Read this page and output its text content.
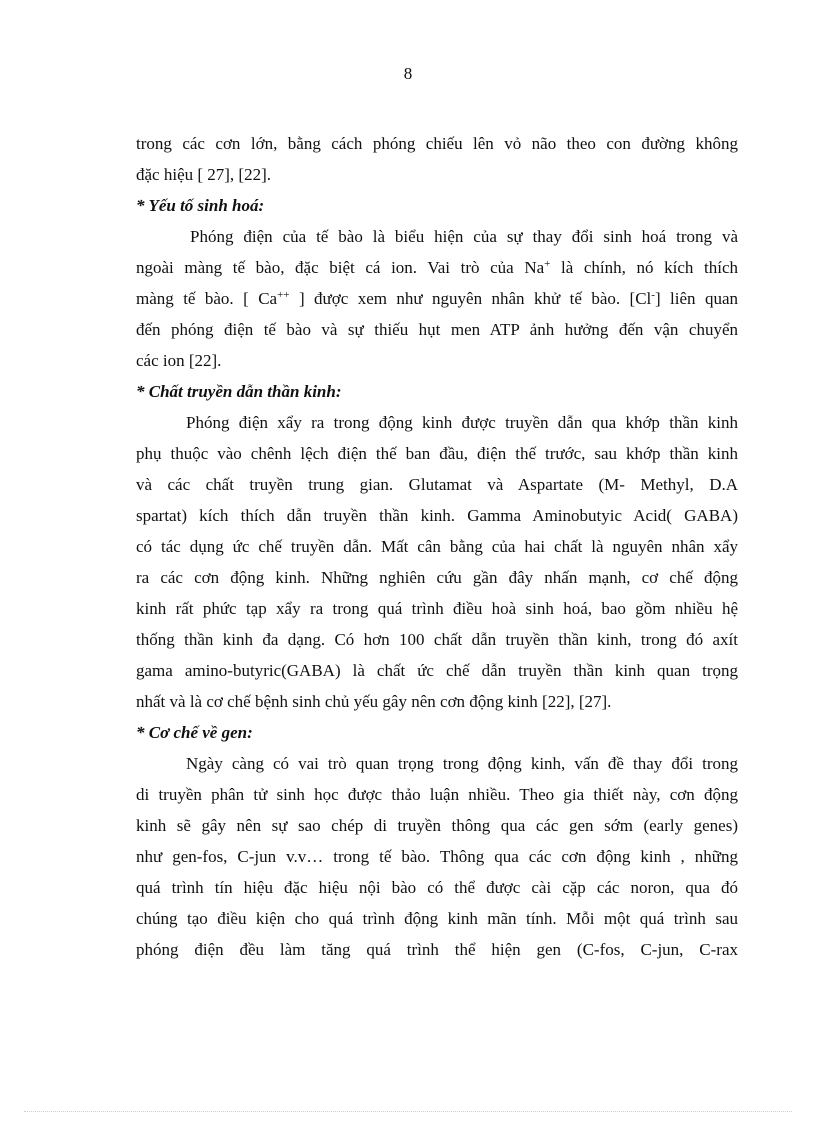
8
trong các cơn lớn, bằng cách phóng chiếu lên vỏ não theo con đường không
đặc hiệu [ 27], [22].
* Yếu tố sinh hoá:
Phóng điện của tế bào là biểu hiện của sự thay đổi sinh hoá trong và
ngoài màng tế bào, đặc biệt cá ion. Vai trò của Na+ là chính, nó kích thích
màng tế bào. [ Ca++ ] được xem như nguyên nhân khử tế bào. [Cl-] liên quan
đến phóng điện tế bào và sự thiếu hụt men ATP ảnh hưởng đến vận chuyển
các ion [22].
* Chất truyền dẫn thần kinh:
Phóng điện xẩy ra trong động kinh được truyền dẫn qua khớp thần kinh
phụ thuộc vào chênh lệch điện thế ban đầu, điện thế trước, sau khớp thần kinh
và các chất truyền trung gian. Glutamat và Aspartate (M- Methyl, D.A
spartat) kích thích dẫn truyền thần kinh. Gamma Aminobutyic Acid( GABA)
có tác dụng ức chế truyền dẫn. Mất cân bằng của hai chất là nguyên nhân xẩy
ra các cơn động kinh. Những nghiên cứu gần đây nhấn mạnh, cơ chế động
kinh rất phức tạp xẩy ra trong quá trình điều hoà sinh hoá, bao gồm nhiều hệ
thống thần kinh đa dạng. Có hơn 100 chất dẫn truyền thần kinh, trong đó axít
gama amino-butyric(GABA) là chất ức chế dẫn truyền thần kinh quan trọng
nhất và là cơ chế bệnh sinh chủ yếu gây nên cơn động kinh [22], [27].
* Cơ chế về gen:
Ngày càng có vai trò quan trọng trong động kinh, vấn đề thay đổi trong
di truyền phân tử sinh học được thảo luận nhiều. Theo gia thiết này, cơn động
kinh sẽ gây nên sự sao chép di truyền thông qua các gen sớm (early genes)
như gen-fos, C-jun v.v… trong tế bào. Thông qua các cơn động kinh , những
quá trình tín hiệu đặc hiệu nội bào có thể được cài cặp các noron, qua đó
chúng tạo điều kiện cho quá trình động kinh mãn tính. Mỗi một quá trình sau
phóng điện đều làm tăng quá trình thể hiện gen (C-fos, C-jun, C-rax
